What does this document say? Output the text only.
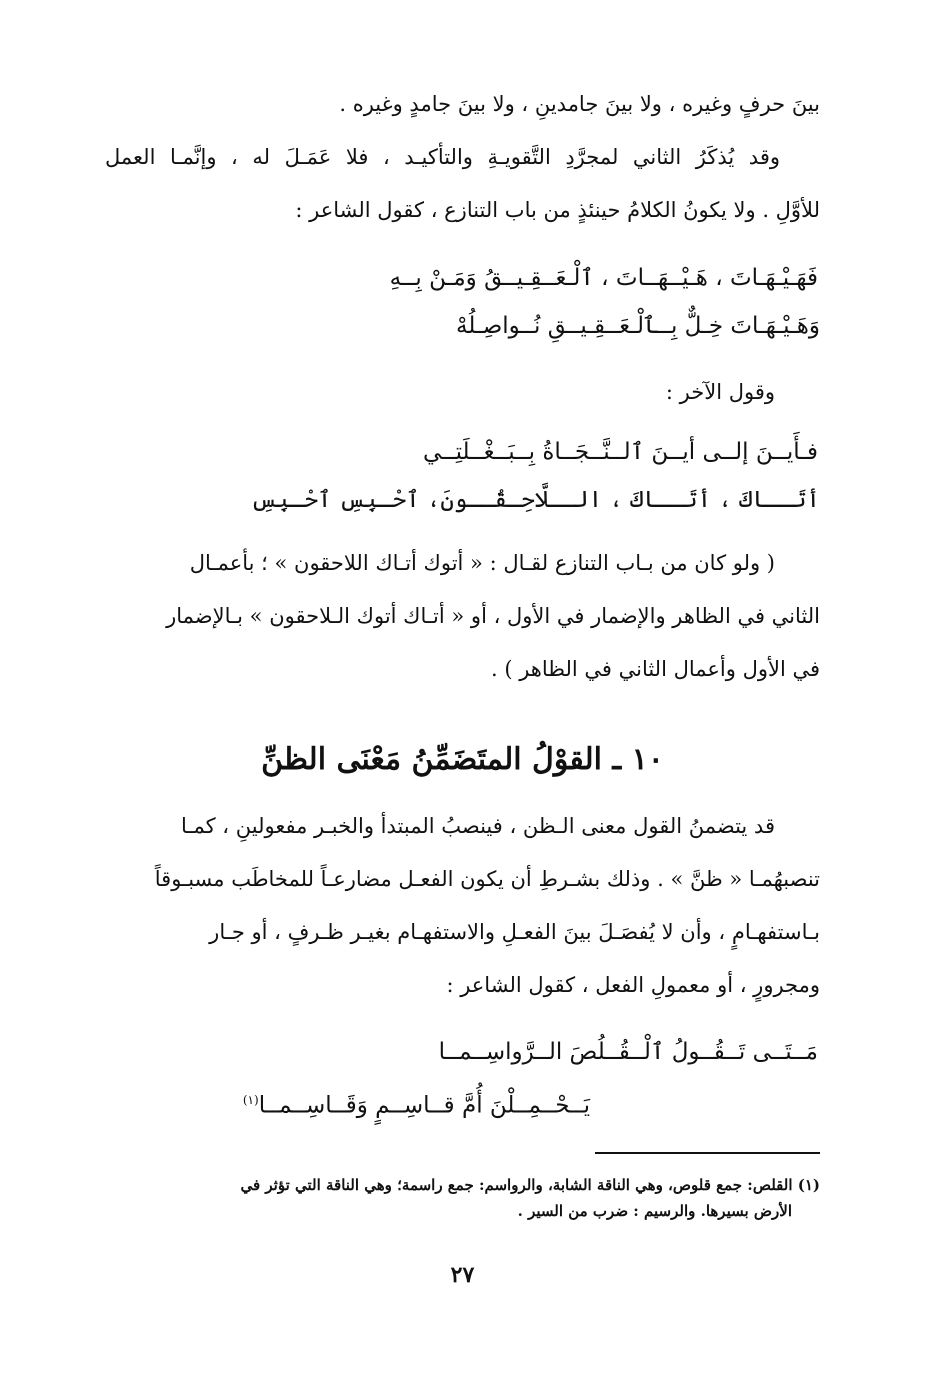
بينَ حرفٍ وغيره ، ولا بينَ جامدينِ ، ولا بينَ جامدٍ وغيره .
وقد يُذكَرُ الثاني لمجرَّدِ التَّقويـةِ والتأكيـد ، فلا عَمَـلَ له ، وإنَّمـا العمل
للأوَّلِ . ولا يكونُ الكلامُ حينئذٍ من باب التنازع ، كقول الشاعر :
فَهَـيْـهَـاتَ ، هَـيْــهَــاتَ ، ٱلْـعَــقِـيــقُ وَمَـنْ بِــهِ
وَهَـيْـهَـاتَ خِـلٌّ بِــٱلْـعَــقِـيــقِ نُــواصِـلُهْ
وقول الآخر :
فـأَيــنَ إلــى أيــنَ ٱلــنَّــجَــاةُ بِــبَــغْــلَتِــي
أتَــاكَ ، أتَــاكَ ، الــلَّاحِـقُــونَ، ٱحْـبِسِ ٱحْـبِسِ
( ولو كان من بـاب التنازع لقـال : « أتوك أتـاك اللاحقون » ؛ بأعمـال
الثاني في الظاهر والإضمار في الأول ، أو « أتـاك أتوك الـلاحقون » بـالإضمار
في الأول وأعمال الثاني في الظاهر ) .
١٠ ـ القوْلُ المتَضَمِّنُ مَعْنَى الظنِّ
قد يتضمنُ القول معنى الـظن ، فينصبُ المبتدأ والخبـر مفعولينِ ، كمـا
تنصبهُمـا « ظنَّ » . وذلك بشـرطِ أن يكون الفعـل مضارعـاً للمخاطَب مسبـوقاً
بـاستفهـامٍ ، وأن لا يُفصَـلَ بينَ الفعـلِ والاستفهـام بغيـر ظـرفٍ ، أو جـار
ومجرورٍ ، أو معمولِ الفعل ، كقول الشاعر :
مَــتَــى تَــقُــولُ ٱلْــقُــلُصَ الــرَّواسِــمــا
يَــحْــمِــلْنَ أُمَّ قــاسِــمٍ وَقَــاسِــمــا$^{(١)}$
(١) القلص: جمع قلوص، وهي الناقة الشابة، والرواسم: جمع راسمة؛ وهي الناقة التي تؤثر في
الأرض بسيرها. والرسيم : ضرب من السير .
٢٧
